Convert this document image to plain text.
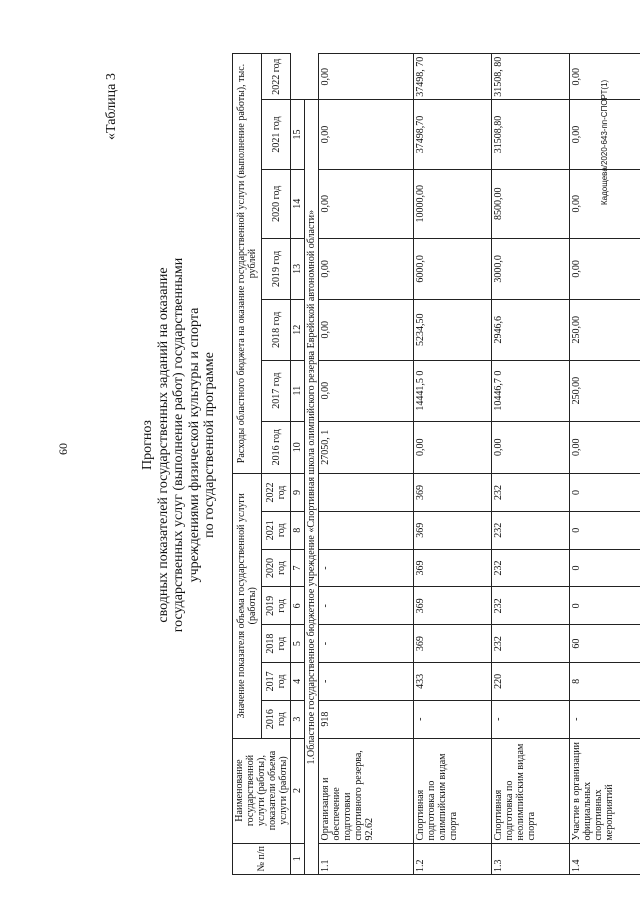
60
«Таблица 3
Прогноз сводных показателей государственных заданий на оказание государственных услуг (выполнение работ) государственными учреждениями физической культуры и спорта по государственной программе
№ п/п	Наименование государственной услуги (работы), показатели объема услуги (работы)	Значение показателя объема государственной услуги (работы)							Расходы областного бюджета на оказание государственной услуги (выполнение работы), тыс. рублей						
		2016 год	2017 год	2018 год	2019 год	2020 год	2021 год	2022 год	2016 год	2017 год	2018 год	2019 год	2020 год	2021 год	2022 год
1	2	3	4	5	6	7	8	9	10	11	12	13	14	15	
1.Областное государственное бюджетное учреждение «Спортивная школа олимпийского резерва Еврейской автономной области»															
1.1	Организация и обеспечение подготовки спортивного резерва, 92.62	918	-	-	-	-			27050, 1	0,00	0,00	0,00	0,00	0,00	0,00
1.2	Спортивная подготовка по олимпийским видам спорта	-	433	369	369	369	369	369	0,00	14441,5 0	5234,50	6000,0	10000,00	37498,70	37498, 70
1.3	Спортивная подготовка по неолимпийским видам спорта	-	220	232	232	232	232	232	0,00	10446,7 0	2946,6	3000,0	8500,00	31508,80	31508, 80
1.4	Участие в организации официальных спортивных мероприятий	-	8	60	0	0	0	0	0,00	250,00	250,00	0,00	0,00	0,00	0,00
Кадощева/2020-643-пп-СПОРТ(1)
